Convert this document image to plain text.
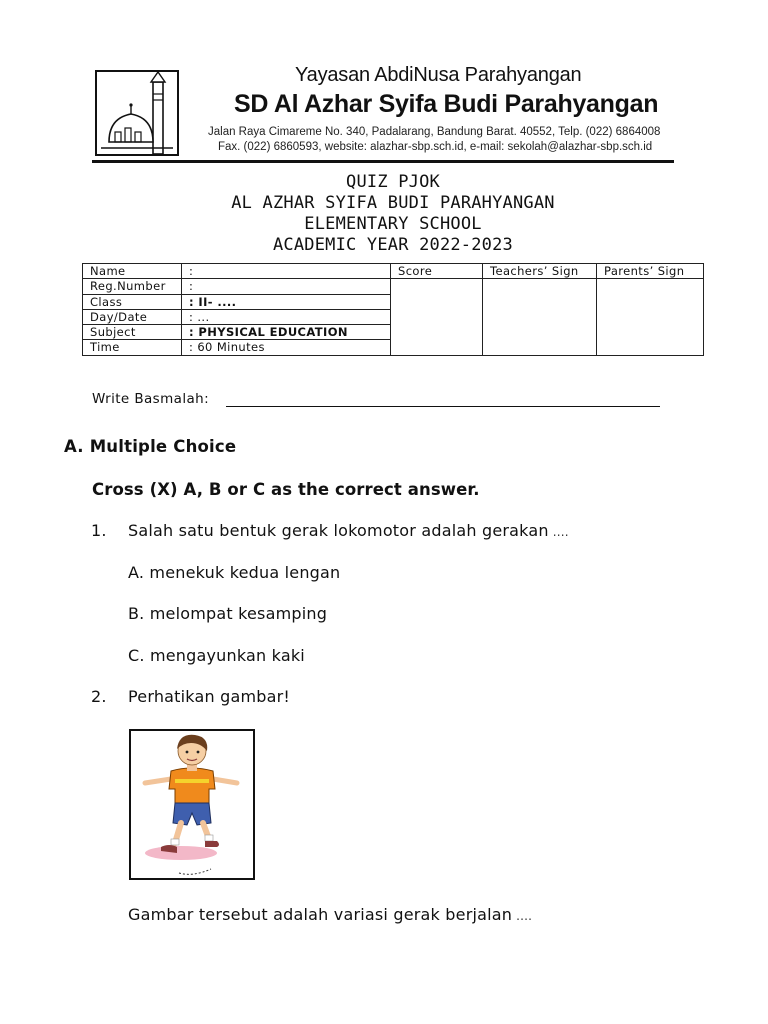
Yayasan AbdiNusa Parahyangan
SD Al Azhar Syifa Budi Parahyangan
Jalan Raya Cimareme No. 340, Padalarang, Bandung Barat. 40552, Telp. (022) 6864008
Fax. (022) 6860593, website: alazhar-sbp.sch.id, e-mail: sekolah@alazhar-sbp.sch.id
QUIZ PJOK
AL AZHAR SYIFA BUDI PARAHYANGAN
ELEMENTARY SCHOOL
ACADEMIC YEAR 2022-2023
Name	:	Score	Teachers’ Sign	Parents’ Sign
Reg.Number	:			
Class	: II- ....			
Day/Date	: ...			
Subject	: PHYSICAL EDUCATION			
Time	: 60 Minutes			
Write Basmalah:
A. Multiple Choice
Cross (X) A, B or C as the correct answer.
1. Salah satu bentuk gerak lokomotor adalah gerakan ....
A. menekuk kedua lengan
B. melompat kesamping
C. mengayunkan kaki
2. Perhatikan gambar!
Gambar tersebut adalah variasi gerak berjalan ....
